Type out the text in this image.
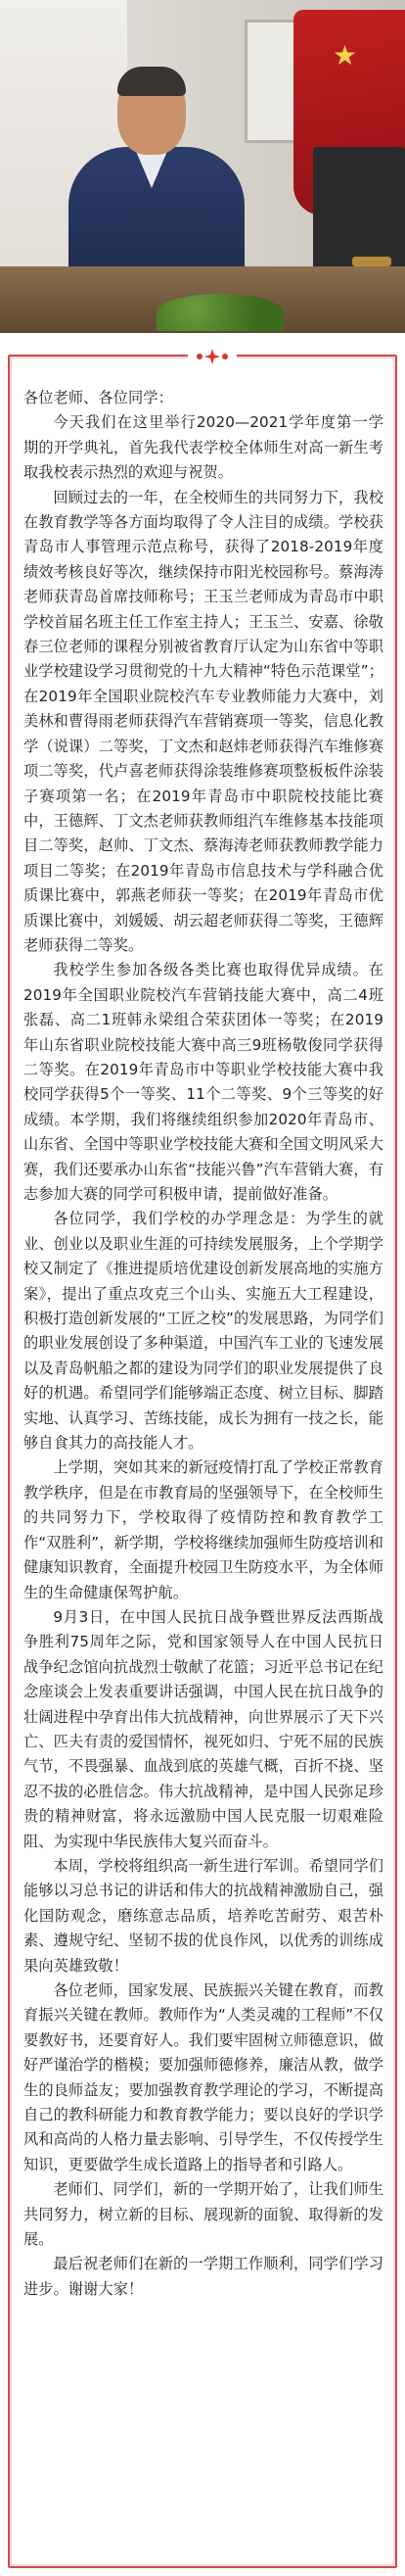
★

各位老师、各位同学：

今天我们在这里举行2020—2021学年度第一学期的开学典礼，首先我代表学校全体师生对高一新生考取我校表示热烈的欢迎与祝贺。

回顾过去的一年，在全校师生的共同努力下，我校在教育教学等各方面均取得了令人注目的成绩。学校获青岛市人事管理示范点称号，获得了2018-2019年度绩效考核良好等次，继续保持市阳光校园称号。蔡海涛老师获青岛首席技师称号；王玉兰老师成为青岛市中职学校首届名班主任工作室主持人；王玉兰、安嘉、徐敬春三位老师的课程分别被省教育厅认定为山东省中等职业学校建设学习贯彻党的十九大精神“特色示范课堂”；在2019年全国职业院校汽车专业教师能力大赛中，刘美林和曹得雨老师获得汽车营销赛项一等奖，信息化教学（说课）二等奖，丁文杰和赵炜老师获得汽车维修赛项二等奖，代卢喜老师获得涂装维修赛项整板板件涂装子赛项第一名；在2019年青岛市中职院校技能比赛中，王德辉、丁文杰老师获教师组汽车维修基本技能项目二等奖，赵帅、丁文杰、蔡海涛老师获教师教学能力项目二等奖；在2019年青岛市信息技术与学科融合优质课比赛中，郭燕老师获一等奖；在2019年青岛市优质课比赛中，刘媛媛、胡云超老师获得二等奖，王德辉老师获得二等奖。

我校学生参加各级各类比赛也取得优异成绩。在2019年全国职业院校汽车营销技能大赛中，高二4班张磊、高二1班韩永梁组合荣获团体一等奖；在2019年山东省职业院校技能大赛中高三9班杨敬俊同学获得二等奖。在2019年青岛市中等职业学校技能大赛中我校同学获得5个一等奖、11个二等奖、9个三等奖的好成绩。本学期，我们将继续组织参加2020年青岛市、山东省、全国中等职业学校技能大赛和全国文明风采大赛，我们还要承办山东省“技能兴鲁”汽车营销大赛，有志参加大赛的同学可积极申请，提前做好准备。

各位同学，我们学校的办学理念是：为学生的就业、创业以及职业生涯的可持续发展服务，上个学期学校又制定了《推进提质培优建设创新发展高地的实施方案》，提出了重点攻克三个山头、实施五大工程建设，积极打造创新发展的“工匠之校”的发展思路，为同学们的职业发展创设了多种渠道，中国汽车工业的飞速发展以及青岛帆船之都的建设为同学们的职业发展提供了良好的机遇。希望同学们能够端正态度、树立目标、脚踏实地、认真学习、苦练技能，成长为拥有一技之长，能够自食其力的高技能人才。

上学期，突如其来的新冠疫情打乱了学校正常教育教学秩序，但是在市教育局的坚强领导下，在全校师生的共同努力下，学校取得了疫情防控和教育教学工作“双胜利”，新学期，学校将继续加强师生防疫培训和健康知识教育，全面提升校园卫生防疫水平，为全体师生的生命健康保驾护航。

9月3日，在中国人民抗日战争暨世界反法西斯战争胜利75周年之际，党和国家领导人在中国人民抗日战争纪念馆向抗战烈士敬献了花篮；习近平总书记在纪念座谈会上发表重要讲话强调，中国人民在抗日战争的壮阔进程中孕育出伟大抗战精神，向世界展示了天下兴亡、匹夫有责的爱国情怀，视死如归、宁死不屈的民族气节，不畏强暴、血战到底的英雄气概，百折不挠、坚忍不拔的必胜信念。伟大抗战精神，是中国人民弥足珍贵的精神财富，将永远激励中国人民克服一切艰难险阻、为实现中华民族伟大复兴而奋斗。

本周，学校将组织高一新生进行军训。希望同学们能够以习总书记的讲话和伟大的抗战精神激励自己，强化国防观念，磨练意志品质，培养吃苦耐劳、艰苦朴素、遵规守纪、坚韧不拔的优良作风，以优秀的训练成果向英雄致敬！

各位老师，国家发展、民族振兴关键在教育，而教育振兴关键在教师。教师作为“人类灵魂的工程师”不仅要教好书，还要育好人。我们要牢固树立师德意识，做好严谨治学的楷模；要加强师德修养，廉洁从教，做学生的良师益友；要加强教育教学理论的学习，不断提高自己的教科研能力和教育教学能力；要以良好的学识学风和高尚的人格力量去影响、引导学生，不仅传授学生知识，更要做学生成长道路上的指导者和引路人。

老师们、同学们，新的一学期开始了，让我们师生共同努力，树立新的目标、展现新的面貌、取得新的发展。

最后祝老师们在新的一学期工作顺利，同学们学习进步。谢谢大家！
